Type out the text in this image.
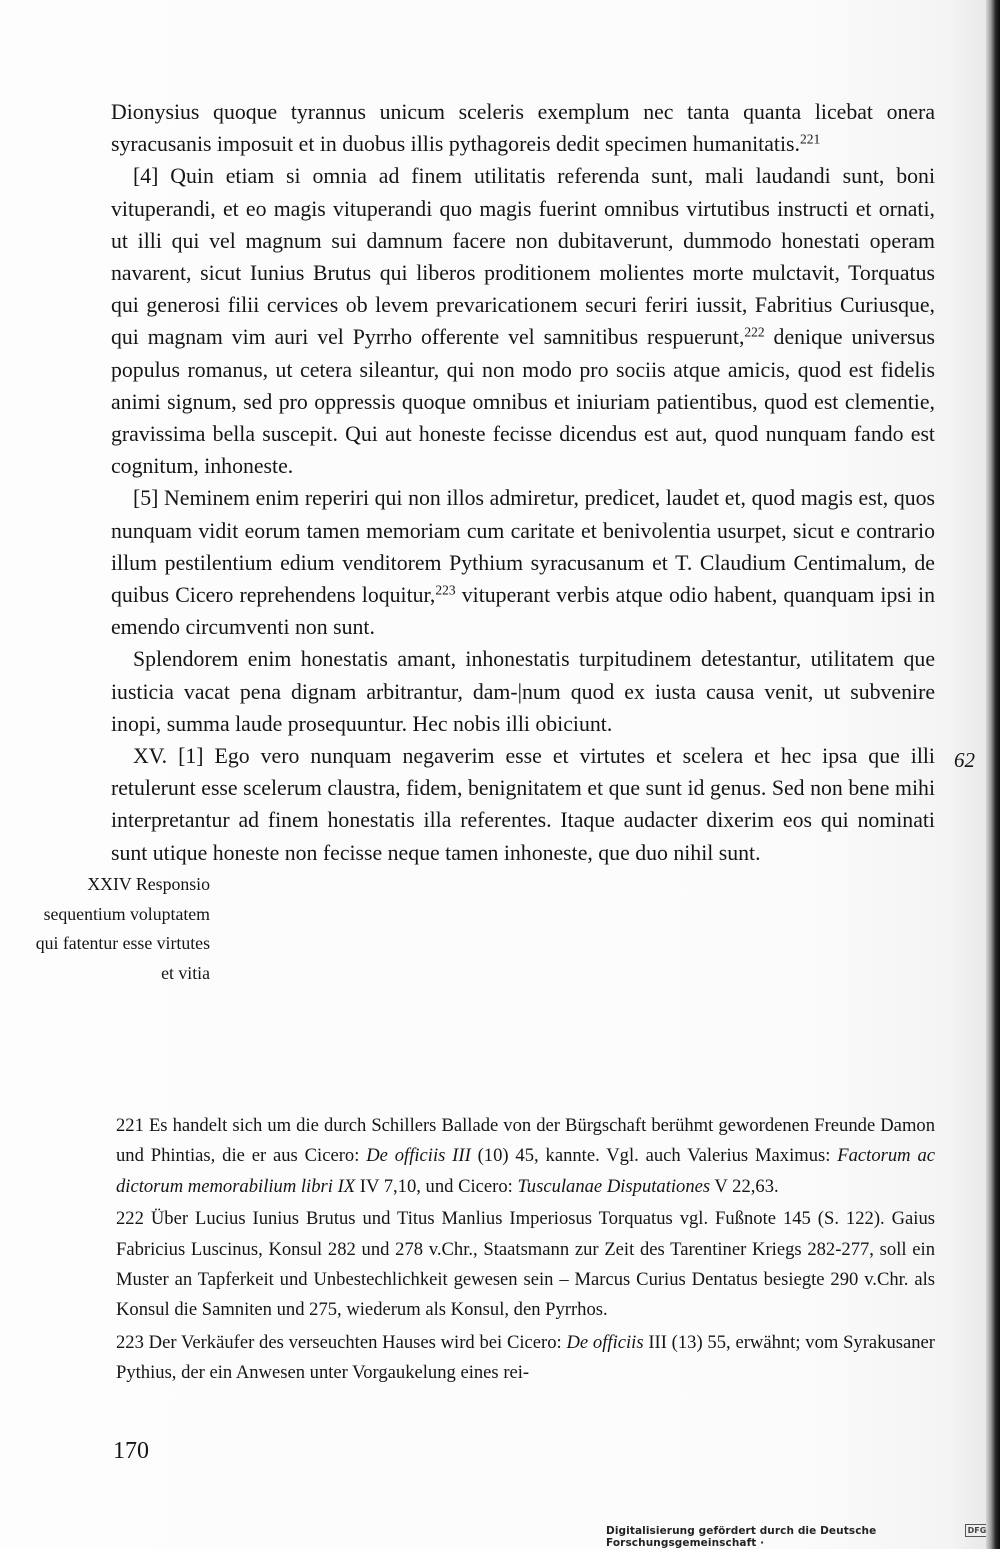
Dionysius quoque tyrannus unicum sceleris exemplum nec tanta quanta licebat onera syracusanis imposuit et in duobus illis pythagoreis dedit specimen humanitatis.$^{221}$

[4] Quin etiam si omnia ad finem utilitatis referenda sunt, mali laudandi sunt, boni vituperandi, et eo magis vituperandi quo magis fuerint omnibus virtutibus instructi et ornati, ut illi qui vel magnum sui damnum facere non dubitaverunt, dummodo honestati operam navarent, sicut Iunius Brutus qui liberos proditionem molientes morte mulctavit, Torquatus qui generosi filii cervices ob levem prevaricationem securi feriri iussit, Fabritius Curiusque, qui magnam vim auri vel Pyrrho offerente vel samnitibus respuerunt,$^{222}$ denique universus populus romanus, ut cetera sileantur, qui non modo pro sociis atque amicis, quod est fidelis animi signum, sed pro oppressis quoque omnibus et iniuriam patientibus, quod est clementie, gravissima bella suscepit. Qui aut honeste fecisse dicendus est aut, quod nunquam fando est cognitum, inhoneste.

[5] Neminem enim reperiri qui non illos admiretur, predicet, laudet et, quod magis est, quos nunquam vidit eorum tamen memoriam cum caritate et benivolentia usurpet, sicut e contrario illum pestilentium edium venditorem Pythium syracusanum et T. Claudium Centimalum, de quibus Cicero reprehendens loquitur,$^{223}$ vituperant verbis atque odio habent, quanquam ipsi in emendo circumventi non sunt.

Splendorem enim honestatis amant, inhonestatis turpitudinem detestantur, utilitatem que iusticia vacat pena dignam arbitrantur, dam-|num quod ex iusta causa venit, ut subvenire inopi, summa laude prosequuntur. Hec nobis illi obiciunt.

XV. [1] Ego vero nunquam negaverim esse et virtutes et scelera et hec ipsa que illi retulerunt esse scelerum claustra, fidem, benignitatem et que sunt id genus. Sed non bene mihi interpretantur ad finem honestatis illa referentes. Itaque audacter dixerim eos qui nominati sunt utique honeste non fecisse neque tamen inhoneste, que duo nihil sunt.

62
XXIV Responsio sequentium voluptatem qui fatentur esse virtutes et vitia

221 Es handelt sich um die durch Schillers Ballade von der Bürgschaft berühmt gewordenen Freunde Damon und Phintias, die er aus Cicero: De officiis III (10) 45, kannte. Vgl. auch Valerius Maximus: Factorum ac dictorum memorabilium libri IX IV 7,10, und Cicero: Tusculanae Disputationes V 22,63.

222 Über Lucius Iunius Brutus und Titus Manlius Imperiosus Torquatus vgl. Fußnote 145 (S. 122). Gaius Fabricius Luscinus, Konsul 282 und 278 v.Chr., Staatsmann zur Zeit des Tarentiner Kriegs 282-277, soll ein Muster an Tapferkeit und Unbestechlichkeit gewesen sein – Marcus Curius Dentatus besiegte 290 v.Chr. als Konsul die Samniten und 275, wiederum als Konsul, den Pyrrhos.

223 Der Verkäufer des verseuchten Hauses wird bei Cicero: De officiis III (13) 55, erwähnt; vom Syrakusaner Pythius, der ein Anwesen unter Vorgaukelung eines rei-

170
Digitalisierung gefördert durch die Deutsche Forschungsgemeinschaft ·
DFG
